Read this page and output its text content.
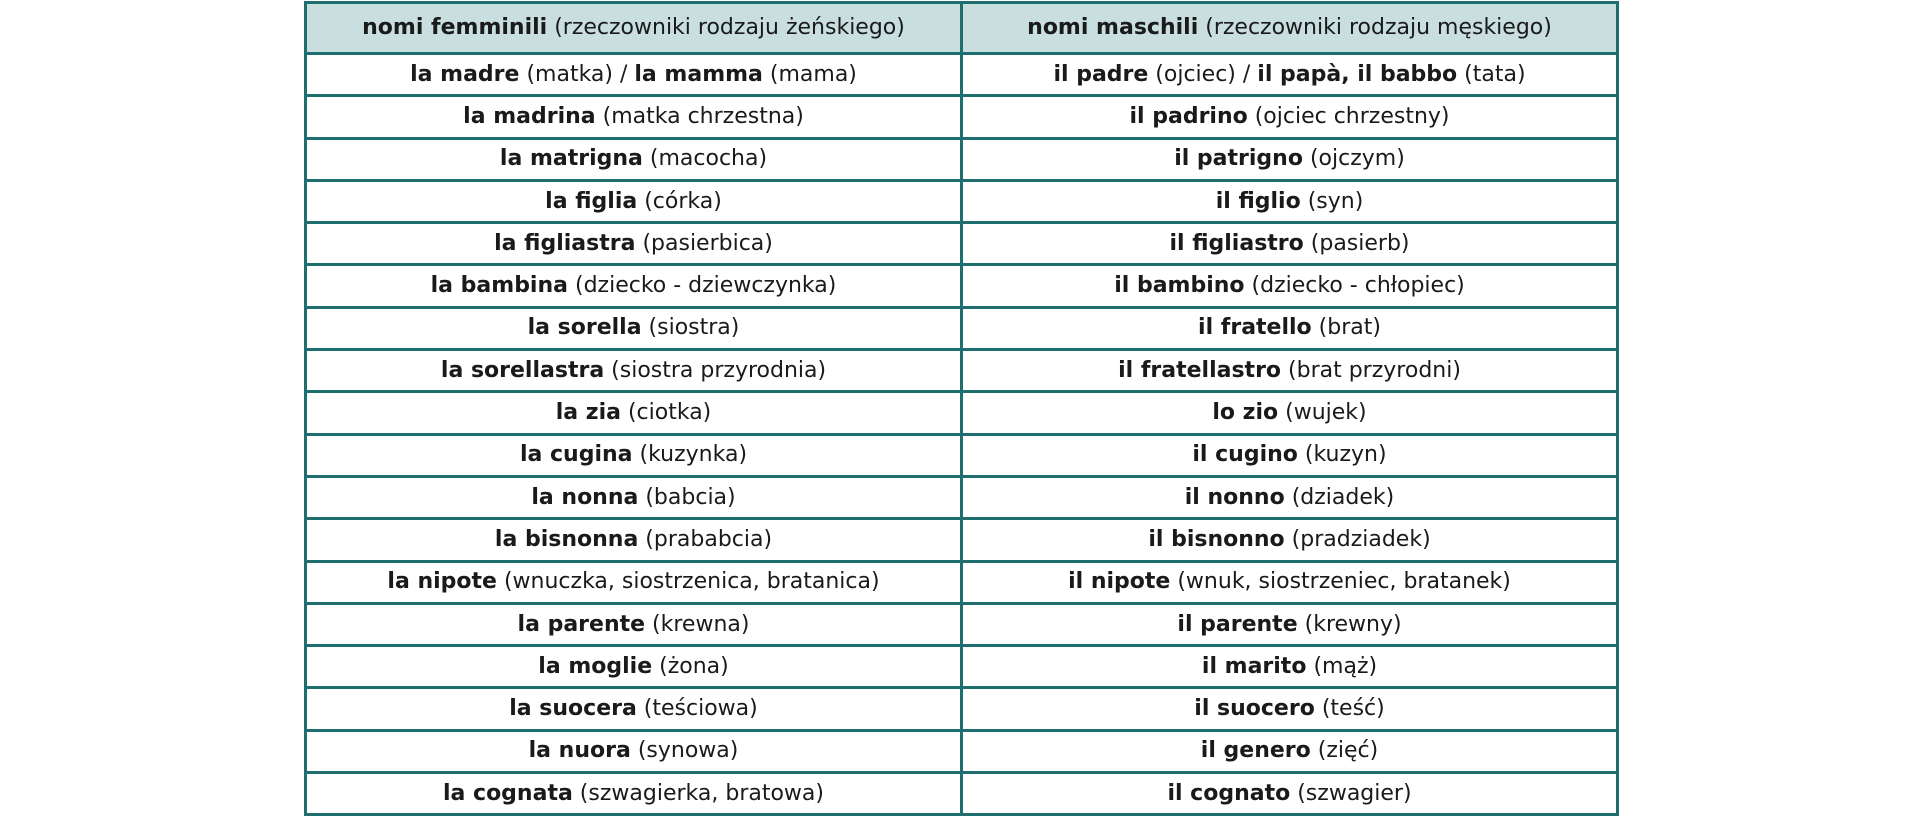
nomi femminili (rzeczowniki rodzaju żeńskiego)	nomi maschili (rzeczowniki rodzaju męskiego)
la madre (matka) / la mamma (mama)	il padre (ojciec) / il papà, il babbo (tata)
la madrina (matka chrzestna)	il padrino (ojciec chrzestny)
la matrigna (macocha)	il patrigno (ojczym)
la figlia (córka)	il figlio (syn)
la figliastra (pasierbica)	il figliastro (pasierb)
la bambina (dziecko - dziewczynka)	il bambino (dziecko - chłopiec)
la sorella (siostra)	il fratello (brat)
la sorellastra (siostra przyrodnia)	il fratellastro (brat przyrodni)
la zia (ciotka)	lo zio (wujek)
la cugina (kuzynka)	il cugino (kuzyn)
la nonna (babcia)	il nonno (dziadek)
la bisnonna (prababcia)	il bisnonno (pradziadek)
la nipote (wnuczka, siostrzenica, bratanica)	il nipote (wnuk, siostrzeniec, bratanek)
la parente (krewna)	il parente (krewny)
la moglie (żona)	il marito (mąż)
la suocera (teściowa)	il suocero (teść)
la nuora (synowa)	il genero (zięć)
la cognata (szwagierka, bratowa)	il cognato (szwagier)
